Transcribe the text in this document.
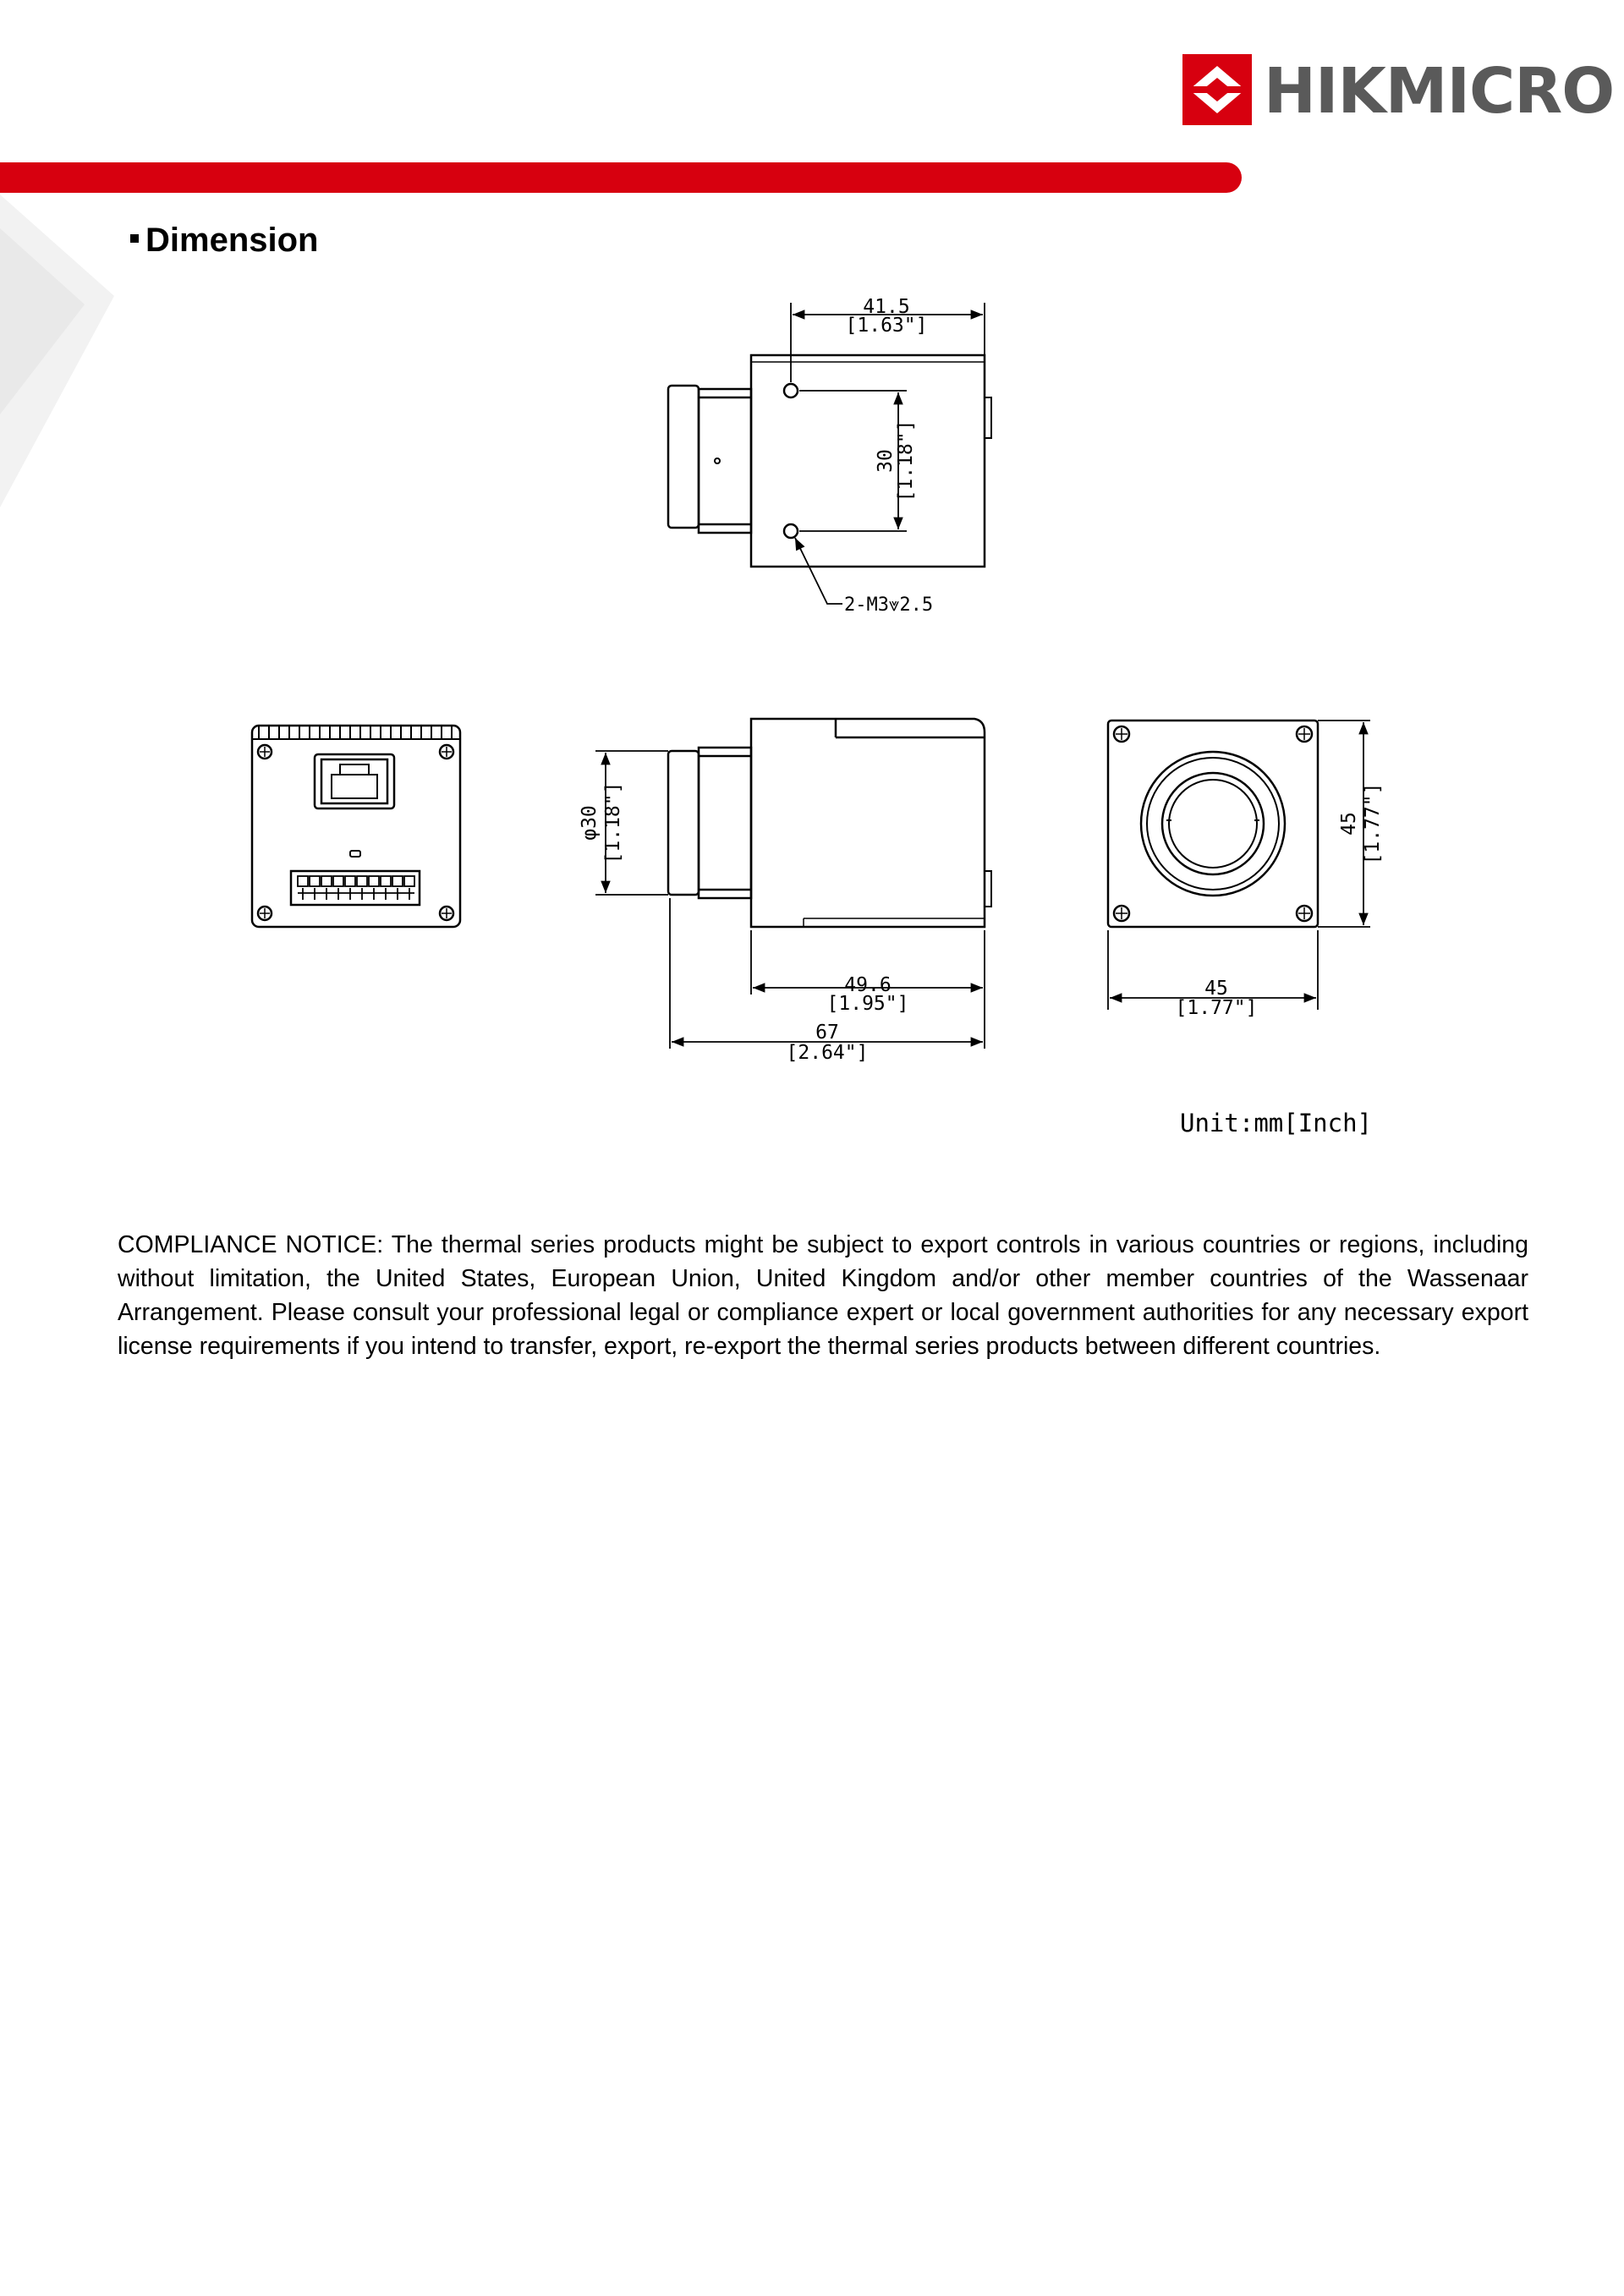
HIKMICRO
Dimension
41.5
[1.63"]
30
[1.18"]
2-M3⩔2.5
φ30 [1.18"]
49.6
[1.95"]
67
[2.64"]
45 [1.77"]
45
[1.77"]
Unit:mm[Inch]
COMPLIANCE NOTICE: The thermal series products might be subject to export controls in various countries or regions, including without limitation, the United States, European Union, United Kingdom and/or other member countries of the Wassenaar Arrangement. Please consult your professional legal or compliance expert or local government authorities for any necessary export license requirements if you intend to transfer, export, re-export the thermal series products between different countries.
